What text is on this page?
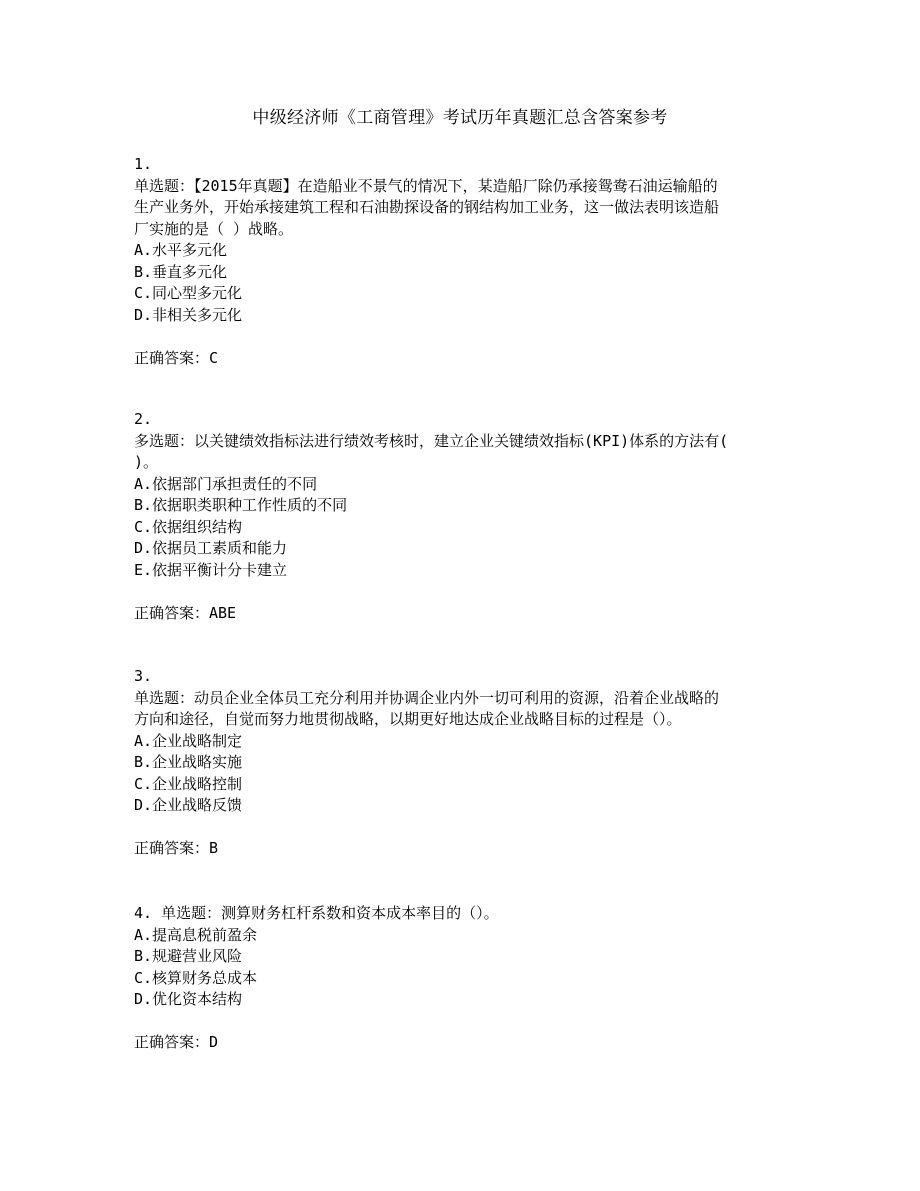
中级经济师《工商管理》考试历年真题汇总含答案参考
1.
单选题：【2015年真题】在造船业不景气的情况下，某造船厂除仍承接鸳鸯石油运输船的
生产业务外，开始承接建筑工程和石油勘探设备的钢结构加工业务，这一做法表明该造船
厂实施的是（ ）战略。
A.水平多元化
B.垂直多元化
C.同心型多元化
D.非相关多元化
正确答案：C
2.
多选题：以关键绩效指标法进行绩效考核时，建立企业关键绩效指标(KPI)体系的方法有(
)。
A.依据部门承担责任的不同
B.依据职类职种工作性质的不同
C.依据组织结构
D.依据员工素质和能力
E.依据平衡计分卡建立
正确答案：ABE
3.
单选题：动员企业全体员工充分利用并协调企业内外一切可利用的资源，沿着企业战略的
方向和途径，自觉而努力地贯彻战略，以期更好地达成企业战略目标的过程是（）。
A.企业战略制定
B.企业战略实施
C.企业战略控制
D.企业战略反馈
正确答案：B
4. 单选题：测算财务杠杆系数和资本成本率目的（）。
A.提高息税前盈余
B.规避营业风险
C.核算财务总成本
D.优化资本结构
正确答案：D
